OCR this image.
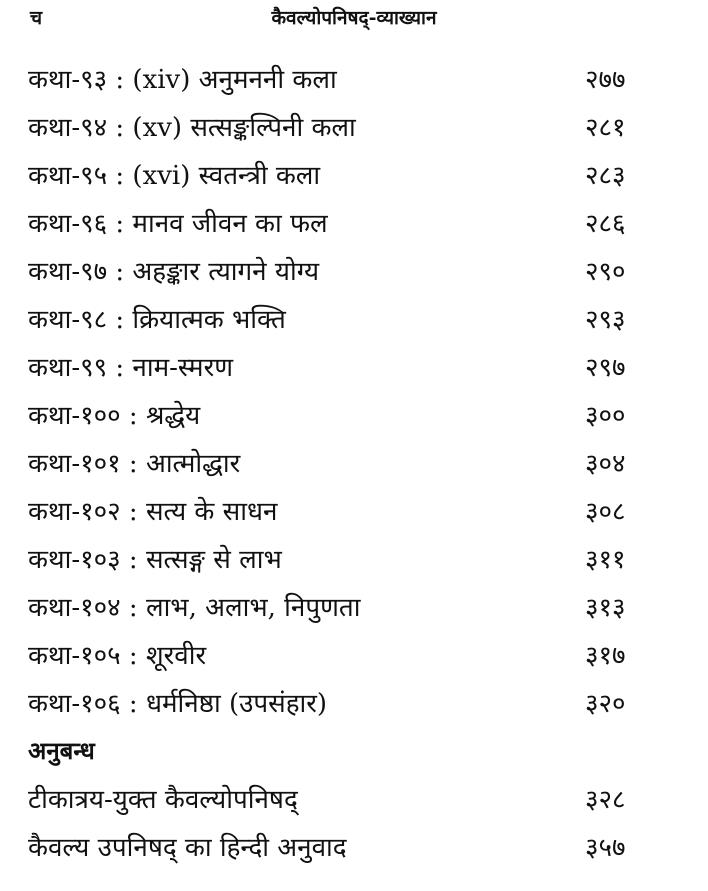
च	कैवल्योपनिषद्-व्याख्यान
कथा-९३ : (xiv) अनुमननी कला	२७७
कथा-९४ : (xv) सत्सङ्कल्पिनी कला	२८१
कथा-९५ : (xvi) स्वतन्त्री कला	२८३
कथा-९६ : मानव जीवन का फल	२८६
कथा-९७ : अहङ्कार त्यागने योग्य	२९०
कथा-९८ : क्रियात्मक भक्ति	२९३
कथा-९९ : नाम-स्मरण	२९७
कथा-१०० : श्रद्धेय	३००
कथा-१०१ : आत्मोद्धार	३०४
कथा-१०२ : सत्य के साधन	३०८
कथा-१०३ : सत्सङ्ग से लाभ	३११
कथा-१०४ : लाभ, अलाभ, निपुणता	३१३
कथा-१०५ : शूरवीर	३१७
कथा-१०६ : धर्मनिष्ठा (उपसंहार)	३२०
अनुबन्ध
टीकात्रय-युक्त कैवल्योपनिषद्	३२८
कैवल्य उपनिषद् का हिन्दी अनुवाद	३५७
